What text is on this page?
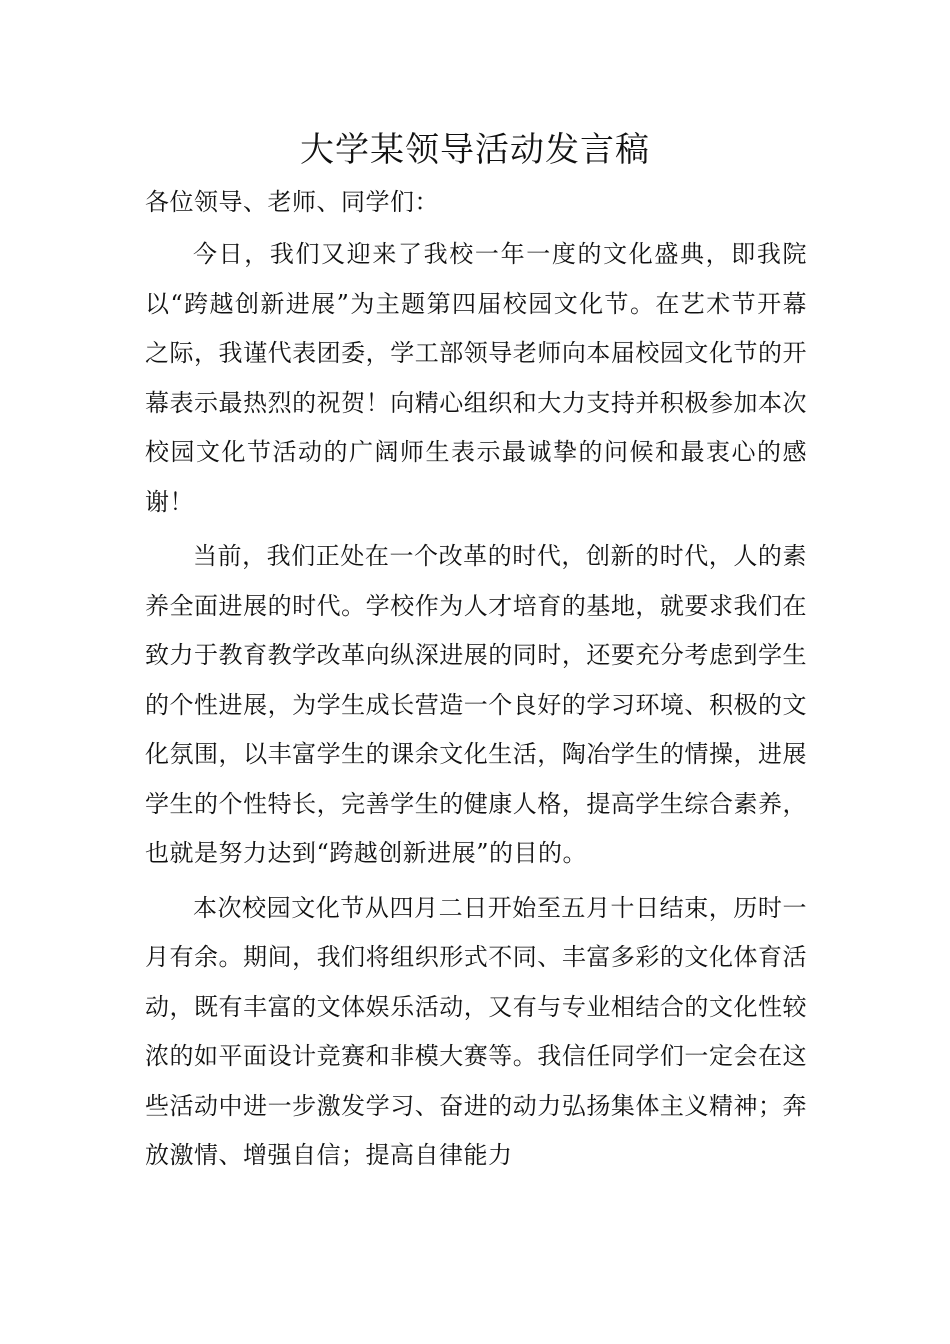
大学某领导活动发言稿

各位领导、老师、同学们：

今日，我们又迎来了我校一年一度的文化盛典，即我院以“跨越创新进展”为主题第四届校园文化节。在艺术节开幕之际，我谨代表团委，学工部领导老师向本届校园文化节的开幕表示最热烈的祝贺！向精心组织和大力支持并积极参加本次校园文化节活动的广阔师生表示最诚挚的问候和最衷心的感谢！

当前，我们正处在一个改革的时代，创新的时代，人的素养全面进展的时代。学校作为人才培育的基地，就要求我们在致力于教育教学改革向纵深进展的同时，还要充分考虑到学生的个性进展，为学生成长营造一个良好的学习环境、积极的文化氛围，以丰富学生的课余文化生活，陶冶学生的情操，进展学生的个性特长，完善学生的健康人格，提高学生综合素养，也就是努力达到“跨越创新进展”的目的。

本次校园文化节从四月二日开始至五月十日结束，历时一月有余。期间，我们将组织形式不同、丰富多彩的文化体育活动，既有丰富的文体娱乐活动，又有与专业相结合的文化性较浓的如平面设计竞赛和非模大赛等。我信任同学们一定会在这些活动中进一步激发学习、奋进的动力弘扬集体主义精神；奔放激情、增强自信；提高自律能力
